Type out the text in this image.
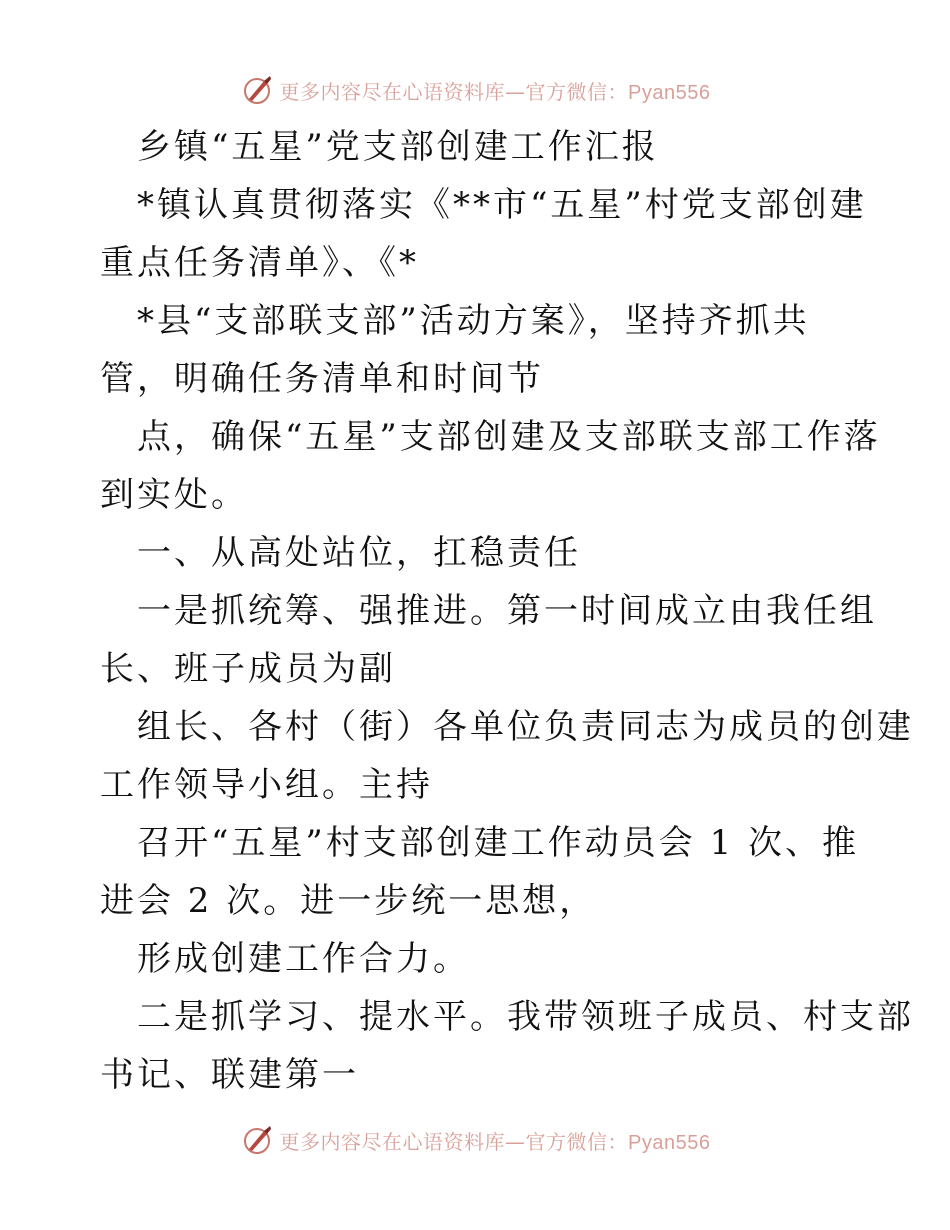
更多内容尽在心语资料库—官方微信：Pyan556
乡镇“五星”党支部创建工作汇报
*镇认真贯彻落实《**市“五星”村党支部创建
重点任务清单》、《*
*县“支部联支部”活动方案》，坚持齐抓共
管，明确任务清单和时间节
点，确保“五星”支部创建及支部联支部工作落
到实处。
一、从高处站位，扛稳责任
一是抓统筹、强推进。第一时间成立由我任组
长、班子成员为副
组长、各村（街）各单位负责同志为成员的创建
工作领导小组。主持
召开“五星”村支部创建工作动员会 1 次、推
进会 2 次。进一步统一思想，
形成创建工作合力。
二是抓学习、提水平。我带领班子成员、村支部
书记、联建第一
更多内容尽在心语资料库—官方微信：Pyan556
